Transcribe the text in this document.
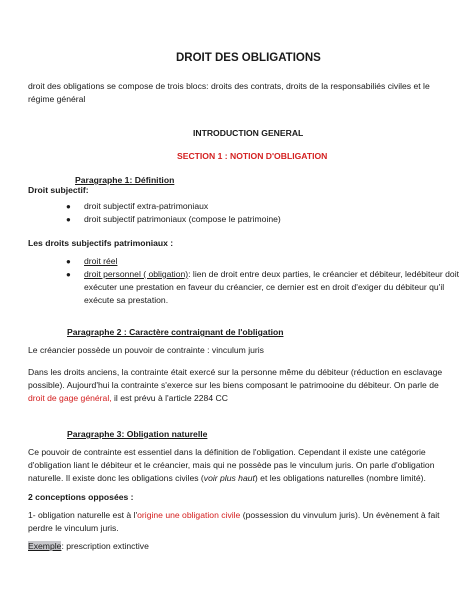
DROIT DES OBLIGATIONS
droit des obligations se compose de trois blocs: droits des contrats, droits de la responsabiliés civiles et le
régime général
INTRODUCTION GENERAL
SECTION 1 : NOTION D'OBLIGATION
Paragraphe 1: Définition
Droit subjectif:
● droit subjectif extra-patrimoniaux
● droit subjectif patrimoniaux (compose le patrimoine)
Les droits subjectifs patrimoniaux :
● droit réel
● droit personnel ( obligation): lien de droit entre deux parties, le créancier et débiteur, ledébiteur doit
exécuter une prestation en faveur du créancier, ce dernier est en droit d'exiger du débiteur qu'il
exécute sa prestation.
Paragraphe 2 : Caractère contraignant de l'obligation
Le créancier possède un pouvoir de contrainte : vinculum juris
Dans les droits anciens, la contrainte était exercé sur la personne même du débiteur (réduction en esclavage
possible). Aujourd'hui la contrainte s'exerce sur les biens composant le patrimooine du débiteur. On parle de
droit de gage général, il est prévu à l'article 2284 CC
Paragraphe 3: Obligation naturelle
Ce pouvoir de contrainte est essentiel dans la définition de l'obligation. Cependant il existe une catégorie
d'obligation liant le débiteur et le créancier, mais qui ne possède pas le vinculum juris. On parle d'obligation
naturelle. Il existe donc les obligations civiles (voir plus haut) et les obligations naturelles (nombre limité).
2 conceptions opposées :
1- obligation naturelle est à l'origine une obligation civile (possession du vinvulum juris). Un évènement à fait
perdre le vinculum juris.
Exemple: prescription extinctive
